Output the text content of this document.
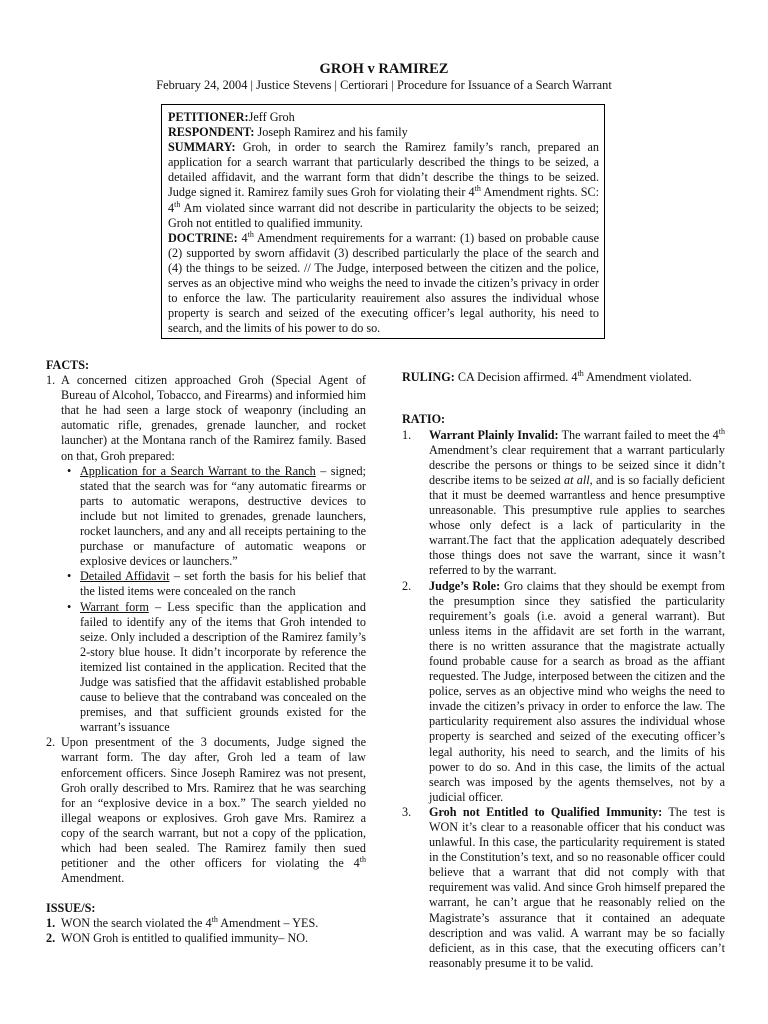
GROH v RAMIREZ
February 24, 2004 | Justice Stevens | Certiorari | Procedure for Issuance of a Search Warrant

PETITIONER:Jeff Groh

RESPONDENT: Joseph Ramirez and his family

SUMMARY: Groh, in order to search the Ramirez family’s ranch, prepared an application for a search warrant that particularly described the things to be seized, a detailed affidavit, and the warrant form that didn’t describe the things to be seized. Judge signed it. Ramirez family sues Groh for violating their 4th Amendment rights. SC: 4th Am violated since warrant did not describe in particularity the objects to be seized; Groh not entitled to qualified immunity.

DOCTRINE: 4th Amendment requirements for a warrant: (1) based on probable cause (2) supported by sworn affidavit (3) described particularly the place of the search and (4) the things to be seized. // The Judge, interposed between the citizen and the police, serves as an objective mind who weighs the need to invade the citizen’s privacy in order to enforce the law. The particularity reauirement also assures the individual whose property is search and seized of the executing officer’s legal authority, his need to search, and the limits of his power to do so.

FACTS:

1. A concerned citizen approached Groh (Special Agent of Bureau of Alcohol, Tobacco, and Firearms) and informied him that he had seen a large stock of weaponry (including an automatic rifle, grenades, grenade launcher, and rocket launcher) at the Montana ranch of the Ramirez family. Based on that, Groh prepared:
• Application for a Search Warrant to the Ranch – signed; stated that the search was for “any automatic firearms or parts to automatic werapons, destructive devices to include but not limited to grenades, grenade launchers, rocket launchers, and any and all receipts pertaining to the purchase or manufacture of automatic weapons or explosive devices or launchers.”
• Detailed Affidavit – set forth the basis for his belief that the listed items were concealed on the ranch
• Warrant form – Less specific than the application and failed to identify any of the items that Groh intended to seize. Only included a description of the Ramirez family’s 2-story blue house. It didn’t incorporate by reference the itemized list contained in the application. Recited that the Judge was satisfied that the affidavit established probable cause to believe that the contraband was concealed on the premises, and that sufficient grounds existed for the warrant’s issuance
2. Upon presentment of the 3 documents, Judge signed the warrant form. The day after, Groh led a team of law enforcement officers. Since Joseph Ramirez was not present, Groh orally described to Mrs. Ramirez that he was searching for an “explosive device in a box.” The search yielded no illegal weapons or explosives. Groh gave Mrs. Ramirez a copy of the search warrant, but not a copy of the pplication, which had been sealed. The Ramirez family then sued petitioner and the other officers for violating the 4th Amendment.

ISSUE/S:

1. WON the search violated the 4th Amendment – YES.
2. WON Groh is entitled to qualified immunity– NO.

RULING: CA Decision affirmed. 4th Amendment violated.

RATIO:

1. Warrant Plainly Invalid: The warrant failed to meet the 4th Amendment’s clear requirement that a warrant particularly describe the persons or things to be seized since it didn’t describe items to be seized at all, and is so facially deficient that it must be deemed warrantless and hence presumptive unreasonable. This presumptive rule applies to searches whose only defect is a lack of particularity in the warrant.The fact that the application adequately described those things does not save the warrant, since it wasn’t referred to by the warrant.
2. Judge’s Role: Gro claims that they should be exempt from the presumption since they satisfied the particularity requirement’s goals (i.e. avoid a general warrant). But unless items in the affidavit are set forth in the warrant, there is no written assurance that the magistrate actually found probable cause for a search as broad as the affiant requested. The Judge, interposed between the citizen and the police, serves as an objective mind who weighs the need to invade the citizen’s privacy in order to enforce the law. The particularity requirement also assures the individual whose property is searched and seized of the executing officer’s legal authority, his need to search, and the limits of his power to do so. And in this case, the limits of the actual search was imposed by the agents themselves, not by a judicial officer.
3. Groh not Entitled to Qualified Immunity: The test is WON it’s clear to a reasonable officer that his conduct was unlawful. In this case, the particularity requirement is stated in the Constitution’s text, and so no reasonable officer could believe that a warrant that did not comply with that requirement was valid. And since Groh himself prepared the warrant, he can’t argue that he reasonably relied on the Magistrate’s assurance that it contained an adequate description and was valid. A warrant may be so facially deficient, as in this case, that the executing officers can’t reasonably presume it to be valid.
